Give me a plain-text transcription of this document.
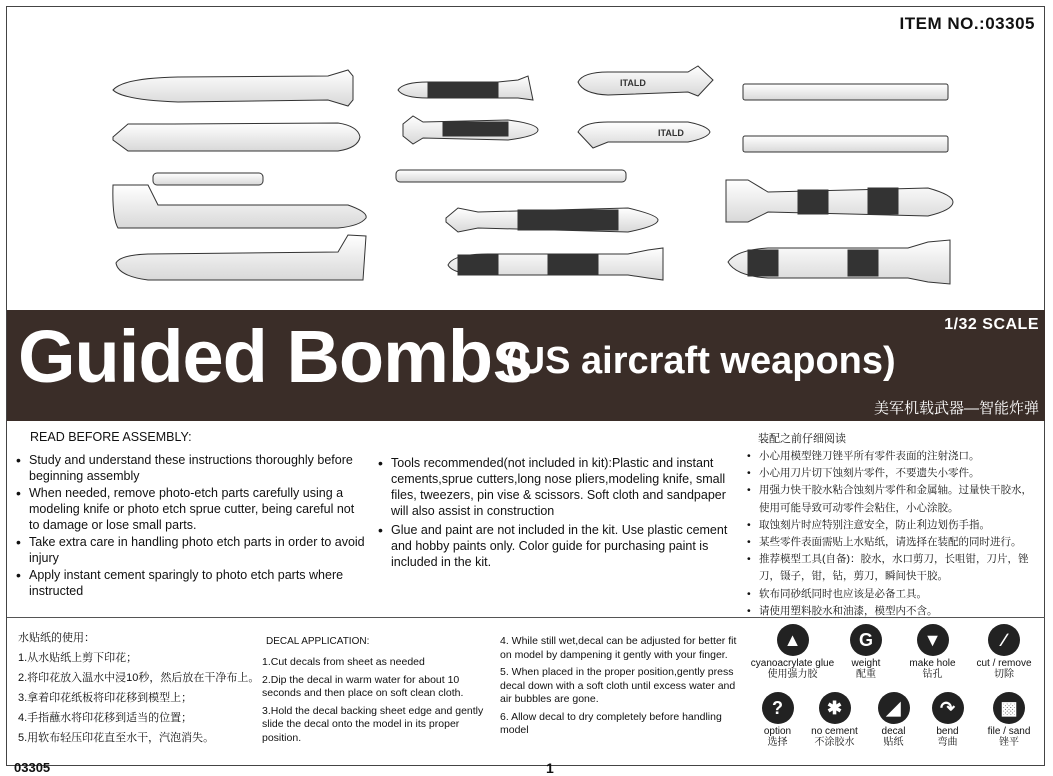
ITEM NO.:03305
ITALD
ITALD
Guided Bombs
(US aircraft weapons)
1/32 SCALE
美军机载武器—智能炸弹
READ BEFORE ASSEMBLY:
• Study and understand these instructions thoroughly before beginning assembly
• When needed, remove photo-etch parts carefully using a modeling knife or photo etch sprue cutter, being careful not to damage or lose small parts.
• Take extra care in handling photo etch parts in order to avoid injury
• Apply instant cement sparingly to photo etch parts where instructed
• Tools recommended(not included in kit):Plastic and instant cements,sprue cutters,long nose pliers,modeling knife, small files, tweezers, pin vise & scissors. Soft cloth and sandpaper will also assist in construction
• Glue and paint are not included in the kit. Use plastic cement and hobby paints only. Color guide for purchasing paint is included in the kit.
装配之前仔细阅读
• 小心用模型锉刀锉平所有零件表面的注射浇口。
• 小心用刀片切下蚀刻片零件，不要遗失小零件。
• 用强力快干胶水粘合蚀刻片零件和金属轴。过量快干胶水，使用可能导致可动零件会粘住，小心涂胶。
• 取蚀刻片时应特别注意安全，防止利边划伤手指。
• 某些零件表面需贴上水贴纸，请选择在装配的同时进行。
• 推荐模型工具(自备)：胶水，水口剪刀，长咀钳，刀片，锉刀，镊子，钳，钻，剪刀，瞬间快干胶。
• 软布同砂纸同时也应该是必备工具。
• 请使用塑料胶水和油漆，模型内不含。
水贴纸的使用：
1.从水贴纸上剪下印花；
2.将印花放入温水中浸10秒，然后放在干净布上。
3.拿着印花纸板将印花移到模型上；
4.手指蘸水将印花移到适当的位置；
5.用软布轻压印花直至水干，汽泡消失。
DECAL APPLICATION:

1.Cut decals from sheet as needed

2.Dip the decal in warm water for about 10 seconds and then place on soft clean cloth.

3.Hold the decal backing sheet edge and gently slide the decal onto the model in its proper position.

4. While still wet,decal can be adjusted for better fit on model by dampening it gently with your finger.

5. When placed in the proper position,gently press decal down with a soft cloth until excess water and air bubbles are gone.

6. Allow decal to dry completely before handling model

▲
cyanoacrylate glue
使用强力胶
G
weight
配重
▼
make hole
钻孔
∕
cut / remove
切除
?
option
选择
✱
no cement
不涂胶水
◢
decal
贴纸
↷
bend
弯曲
▩
file / sand
锉平
03305	1
